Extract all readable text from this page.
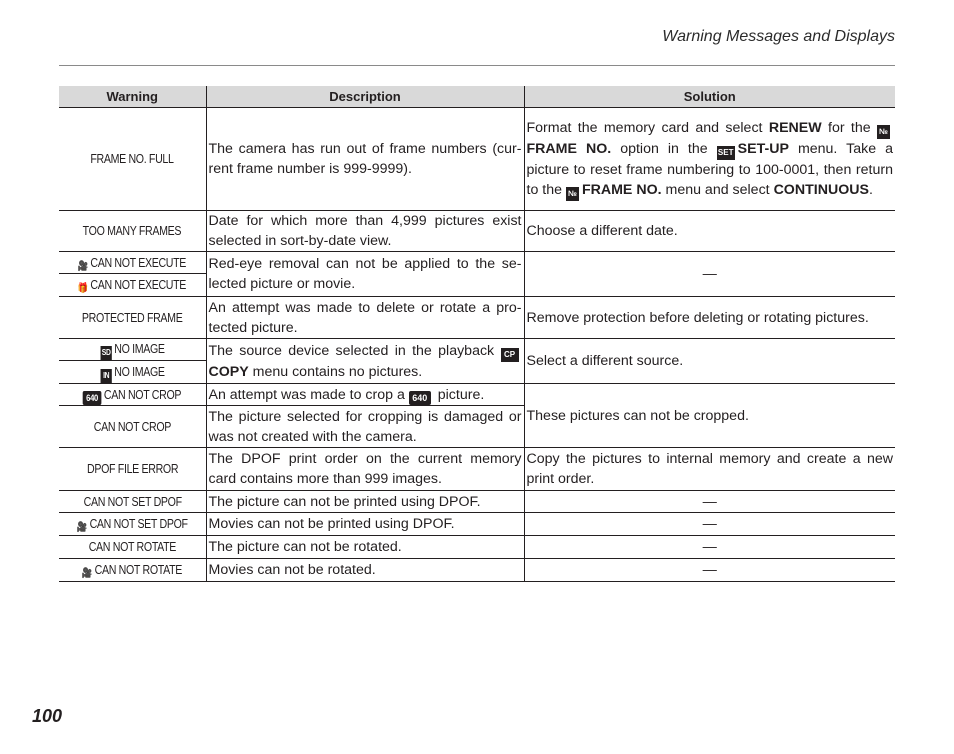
Warning Messages and Displays
Warning	Description	Solution
FRAME NO. FULL	The camera has run out of frame numbers (current frame number is 999-9999).	Format the memory card and select RENEW for the №FRAME NO. option in the SET SET-UP menu. Take a picture to reset frame numbering to 100-0001, then return to the № FRAME NO. menu and select CONTINUOUS.
TOO MANY FRAMES	Date for which more than 4,999 pictures exist selected in sort-by-date view.	Choose a different date.
🎥 CAN NOT EXECUTE	Red-eye removal can not be applied to the selected picture or movie.	—
🎁 CAN NOT EXECUTE		
PROTECTED FRAME	An attempt was made to delete or rotate a protected picture.	Remove protection before deleting or rotating pictures.
SD NO IMAGE	The source device selected in the playback CPCOPY menu contains no pictures.	Select a different source.
IN NO IMAGE		
640 CAN NOT CROP	An attempt was made to crop a 640 picture.	These pictures can not be cropped.
CAN NOT CROP	The picture selected for cropping is damaged or was not created with the camera.	
DPOF FILE ERROR	The DPOF print order on the current memory card contains more than 999 images.	Copy the pictures to internal memory and create a new print order.
CAN NOT SET DPOF	The picture can not be printed using DPOF.	—
🎥 CAN NOT SET DPOF	Movies can not be printed using DPOF.	—
CAN NOT ROTATE	The picture can not be rotated.	—
🎥 CAN NOT ROTATE	Movies can not be rotated.	—
100
